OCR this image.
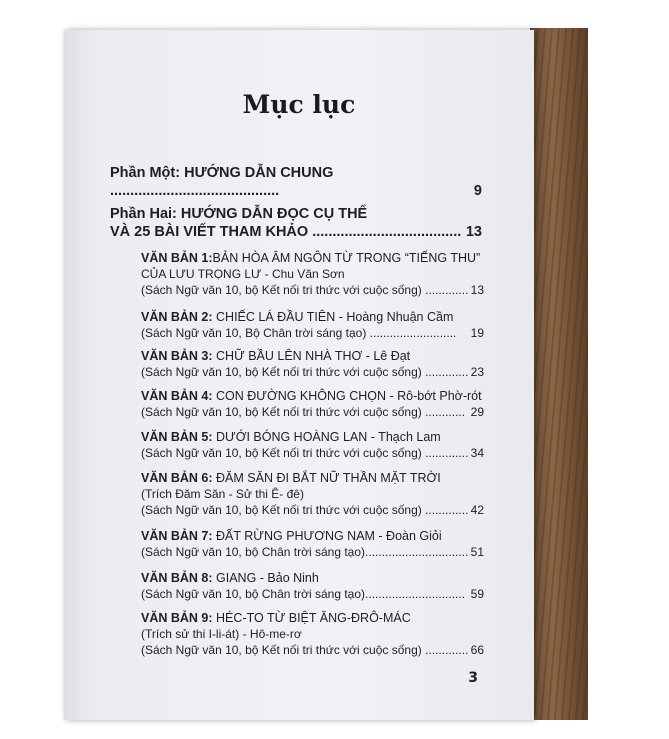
Mục lục
Phần Một: HƯỚNG DẪN CHUNG ..........................................	9
Phần Hai: HƯỚNG DẪN ĐỌC CỤ THỂ
VÀ 25 BÀI VIẾT THAM KHẢO ..................................... 13
VĂN BẢN 1:BẢN HÒA ÂM NGÔN TỪ TRONG “TIẾNG THU”
CỦA LƯU TRỌNG LƯ - Chu Văn Sơn
(Sách Ngữ văn 10, bộ Kết nối tri thức với cuộc sống) ............. 13
VĂN BẢN 2: CHIẾC LÁ ĐẦU TIÊN - Hoàng Nhuận Cầm
(Sách Ngữ văn 10, Bộ Chân trời sáng tạo) .......................... 19
VĂN BẢN 3: CHỮ BẦU LÊN NHÀ THƠ - Lê Đạt
(Sách Ngữ văn 10, bộ Kết nối tri thức với cuộc sống) ............. 23
VĂN BẢN 4: CON ĐƯỜNG KHÔNG CHỌN - Rô-bớt Phờ-rót
(Sách Ngữ văn 10, bộ Kết nối tri thức với cuộc sống) ............ 29
VĂN BẢN 5: DƯỚI BÓNG HOÀNG LAN - Thạch Lam
(Sách Ngữ văn 10, bộ Kết nối tri thức với cuộc sống) ............. 34
VĂN BẢN 6: ĐĂM SĂN ĐI BẮT NỮ THẦN MẶT TRỜI
(Trích Đăm Săn - Sử thi Ê- đê)
(Sách Ngữ văn 10, bộ Kết nối tri thức với cuộc sống) ............. 42
VĂN BẢN 7: ĐẤT RỪNG PHƯƠNG NAM - Đoàn Giỏi
(Sách Ngữ văn 10, bộ Chân trời sáng tạo)............................... 51
VĂN BẢN 8: GIANG - Bảo Ninh
(Sách Ngữ văn 10, bộ Chân trời sáng tạo).............................. 59
VĂN BẢN 9: HÉC-TO TỪ BIỆT ĂNG-ĐRÔ-MÁC
(Trích sử thi I-li-át) - Hô-me-rơ
(Sách Ngữ văn 10, bộ Kết nối tri thức với cuộc sống) ............. 66
3
